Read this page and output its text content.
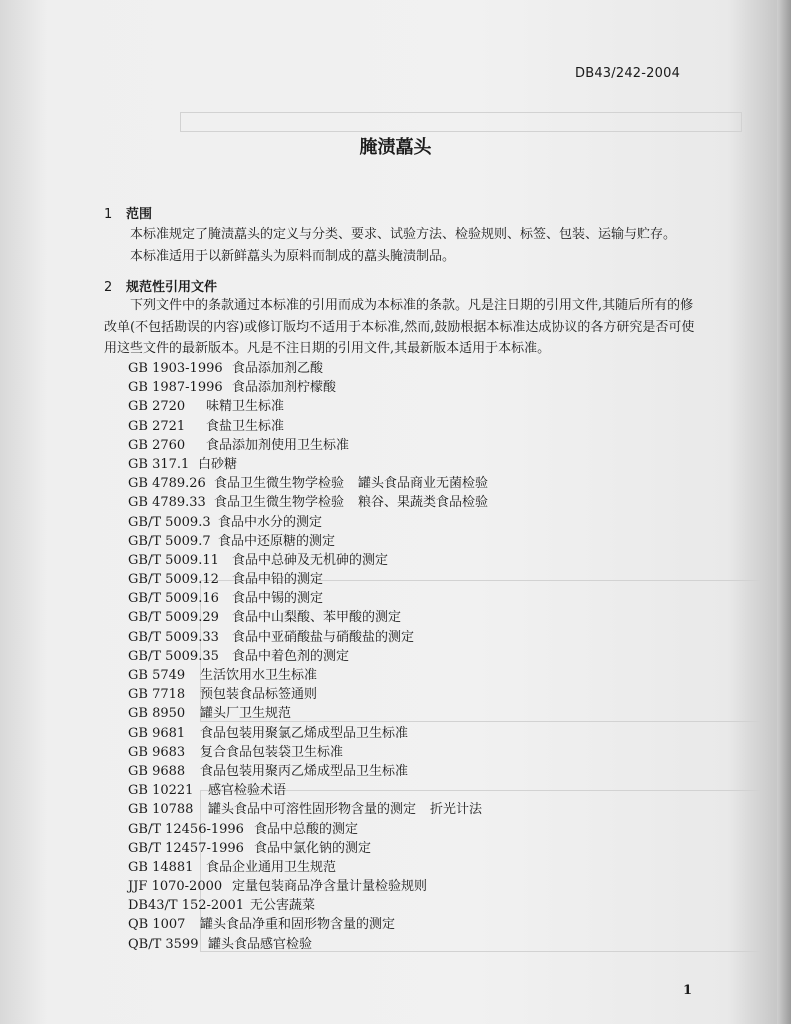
DB43/242-2004
腌渍藠头
1 范围

本标准规定了腌渍藠头的定义与分类、要求、试验方法、检验规则、标签、包装、运输与贮存。

本标准适用于以新鲜藠头为原料而制成的藠头腌渍制品。

2 规范性引用文件

下列文件中的条款通过本标准的引用而成为本标准的条款。凡是注日期的引用文件,其随后所有的修改单(不包括勘误的内容)或修订版均不适用于本标准,然而,鼓励根据本标准达成协议的各方研究是否可使用这些文件的最新版本。凡是不注日期的引用文件,其最新版本适用于本标准。

GB 1903-1996 食品添加剂乙酸
GB 1987-1996 食品添加剂柠檬酸
GB 2720 味精卫生标准
GB 2721 食盐卫生标准
GB 2760 食品添加剂使用卫生标准
GB 317.1 白砂糖
GB 4789.26 食品卫生微生物学检验 罐头食品商业无菌检验
GB 4789.33 食品卫生微生物学检验 粮谷、果蔬类食品检验
GB/T 5009.3 食品中水分的测定
GB/T 5009.7 食品中还原糖的测定
GB/T 5009.11 食品中总砷及无机砷的测定
GB/T 5009.12 食品中铅的测定
GB/T 5009.16 食品中锡的测定
GB/T 5009.29 食品中山梨酸、苯甲酸的测定
GB/T 5009.33 食品中亚硝酸盐与硝酸盐的测定
GB/T 5009.35 食品中着色剂的测定
GB 5749 生活饮用水卫生标准
GB 7718 预包装食品标签通则
GB 8950 罐头厂卫生规范
GB 9681 食品包装用聚氯乙烯成型品卫生标准
GB 9683 复合食品包装袋卫生标准
GB 9688 食品包装用聚丙乙烯成型品卫生标准
GB 10221 感官检验术语
GB 10788 罐头食品中可溶性固形物含量的测定 折光计法
GB/T 12456-1996 食品中总酸的测定
GB/T 12457-1996 食品中氯化钠的测定
GB 14881 食品企业通用卫生规范
JJF 1070-2000 定量包装商品净含量计量检验规则
DB43/T 152-2001 无公害蔬菜
QB 1007 罐头食品净重和固形物含量的测定
QB/T 3599 罐头食品感官检验
1
